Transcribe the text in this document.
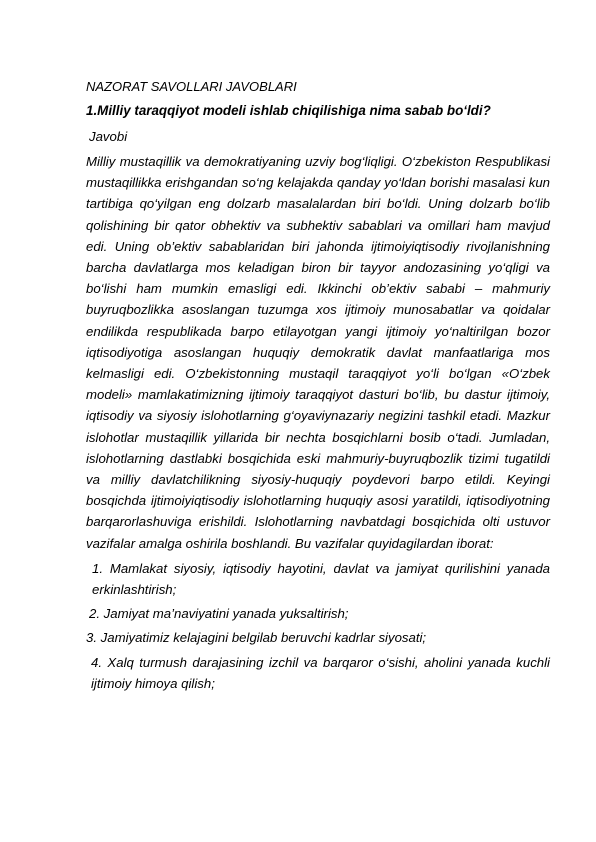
NAZORAT SAVOLLARI JAVOBLARI
1.Milliy taraqqiyot modeli ishlab chiqilishiga nima sabab bo‘ldi?
Javobi
Milliy mustaqillik va demokratiyaning uzviy bog‘liqligi. O‘zbekiston Respublikasi mustaqillikka erishgandan so‘ng kelajakda qanday yo‘ldan borishi masalasi kun tartibiga qo‘yilgan eng dolzarb masalalardan biri bo‘ldi. Uning dolzarb bo‘lib qolishining bir qator obhektiv va subhektiv sabablari va omillari ham mavjud edi. Uning ob’ektiv sabablaridan biri jahonda ijtimoiyiqtisodiy rivojlanishning barcha davlatlarga mos keladigan biron bir tayyor andozasining yo‘qligi va bo‘lishi ham mumkin emasligi edi. Ikkinchi ob’ektiv sababi – mahmuriy buyruqbozlikka asoslangan tuzumga xos ijtimoiy munosabatlar va qoidalar endilikda respublikada barpo etilayotgan yangi ijtimoiy yo‘naltirilgan bozor iqtisodiyotiga asoslangan huquqiy demokratik davlat manfaatlariga mos kelmasligi edi. O‘zbekistonning mustaqil taraqqiyot yo‘li bo‘lgan «O‘zbek modeli» mamlakatimizning ijtimoiy taraqqiyot dasturi bo‘lib, bu dastur ijtimoiy, iqtisodiy va siyosiy islohotlarning g‘oyaviynazariy negizini tashkil etadi. Mazkur islohotlar mustaqillik yillarida bir nechta bosqichlarni bosib o‘tadi. Jumladan, islohotlarning dastlabki bosqichida eski mahmuriy-buyruqbozlik tizimi tugatildi va milliy davlatchilikning siyosiy-huquqiy poydevori barpo etildi. Keyingi bosqichda ijtimoiyiqtisodiy islohotlarning huquqiy asosi yaratildi, iqtisodiyotning barqarorlashuviga erishildi. Islohotlarning navbatdagi bosqichida olti ustuvor vazifalar amalga oshirila boshlandi. Bu vazifalar quyidagilardan iborat:
1. Mamlakat siyosiy, iqtisodiy hayotini, davlat va jamiyat qurilishini yanada erkinlashtirish;
2. Jamiyat ma’naviyatini yanada yuksaltirish;
3. Jamiyatimiz kelajagini belgilab beruvchi kadrlar siyosati;
4. Xalq turmush darajasining izchil va barqaror o‘sishi, aholini yanada kuchli ijtimoiy himoya qilish;
